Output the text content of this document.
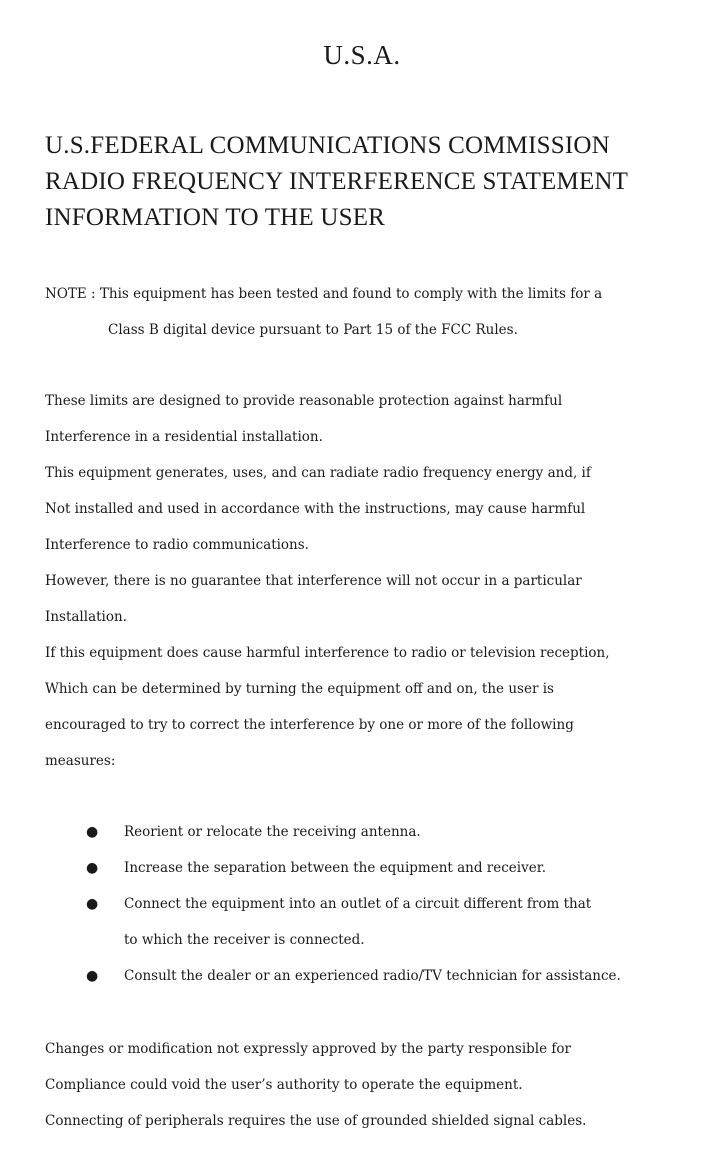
U.S.A.
U.S.FEDERAL COMMUNICATIONS COMMISSION
RADIO FREQUENCY INTERFERENCE STATEMENT
INFORMATION TO THE USER
NOTE : This equipment has been tested and found to comply with the limits for a
Class B digital device pursuant to Part 15 of the FCC Rules.
These limits are designed to provide reasonable protection against harmful
Interference in a residential installation.
This equipment generates, uses, and can radiate radio frequency energy and, if
Not installed and used in accordance with the instructions, may cause harmful
Interference to radio communications.
However, there is no guarantee that interference will not occur in a particular
Installation.
If this equipment does cause harmful interference to radio or television reception,
Which can be determined by turning the equipment off and on, the user is
encouraged to try to correct the interference by one or more of the following
measures:
● Reorient or relocate the receiving antenna.
● Increase the separation between the equipment and receiver.
● Connect the equipment into an outlet of a circuit different from that
to which the receiver is connected.
● Consult the dealer or an experienced radio/TV technician for assistance.
Changes or modification not expressly approved by the party responsible for
Compliance could void the user’s authority to operate the equipment.
Connecting of peripherals requires the use of grounded shielded signal cables.
